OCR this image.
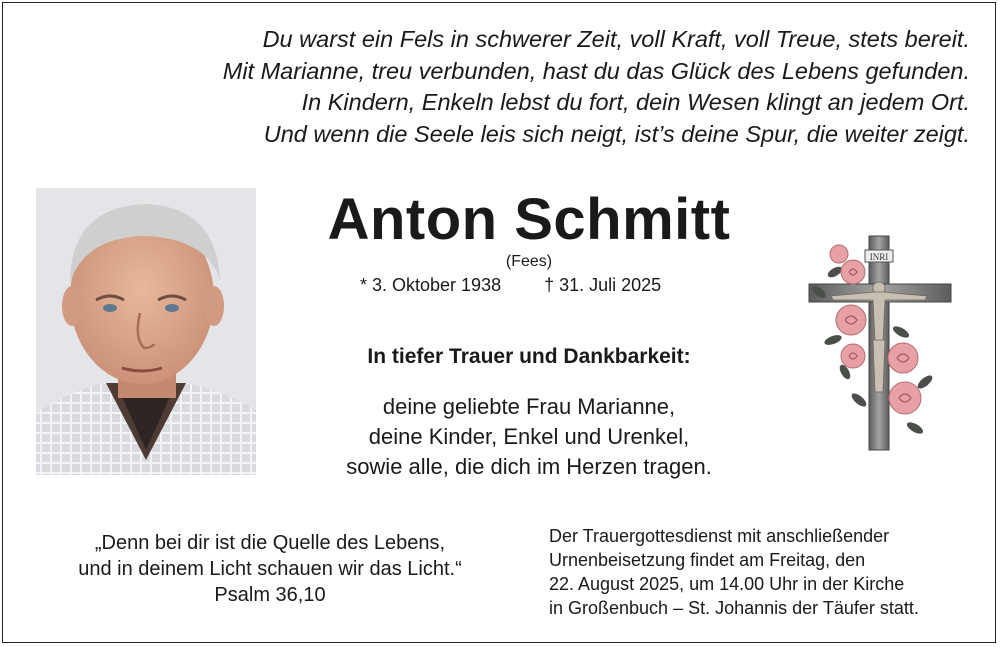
Du warst ein Fels in schwerer Zeit, voll Kraft, voll Treue, stets bereit.
Mit Marianne, treu verbunden, hast du das Glück des Lebens gefunden.
In Kindern, Enkeln lebst du fort, dein Wesen klingt an jedem Ort.
Und wenn die Seele leis sich neigt, ist’s deine Spur, die weiter zeigt.
Anton Schmitt
(Fees)
* 3. Oktober 1938 † 31. Juli 2025
INRI
In tiefer Trauer und Dankbarkeit:
deine geliebte Frau Marianne,
deine Kinder, Enkel und Urenkel,
sowie alle, die dich im Herzen tragen.
„Denn bei dir ist die Quelle des Lebens,
und in deinem Licht schauen wir das Licht.“
Psalm 36,10
Der Trauergottesdienst mit anschließender
Urnenbeisetzung findet am Freitag, den
22. August 2025, um 14.00 Uhr in der Kirche
in Großenbuch – St. Johannis der Täufer statt.
